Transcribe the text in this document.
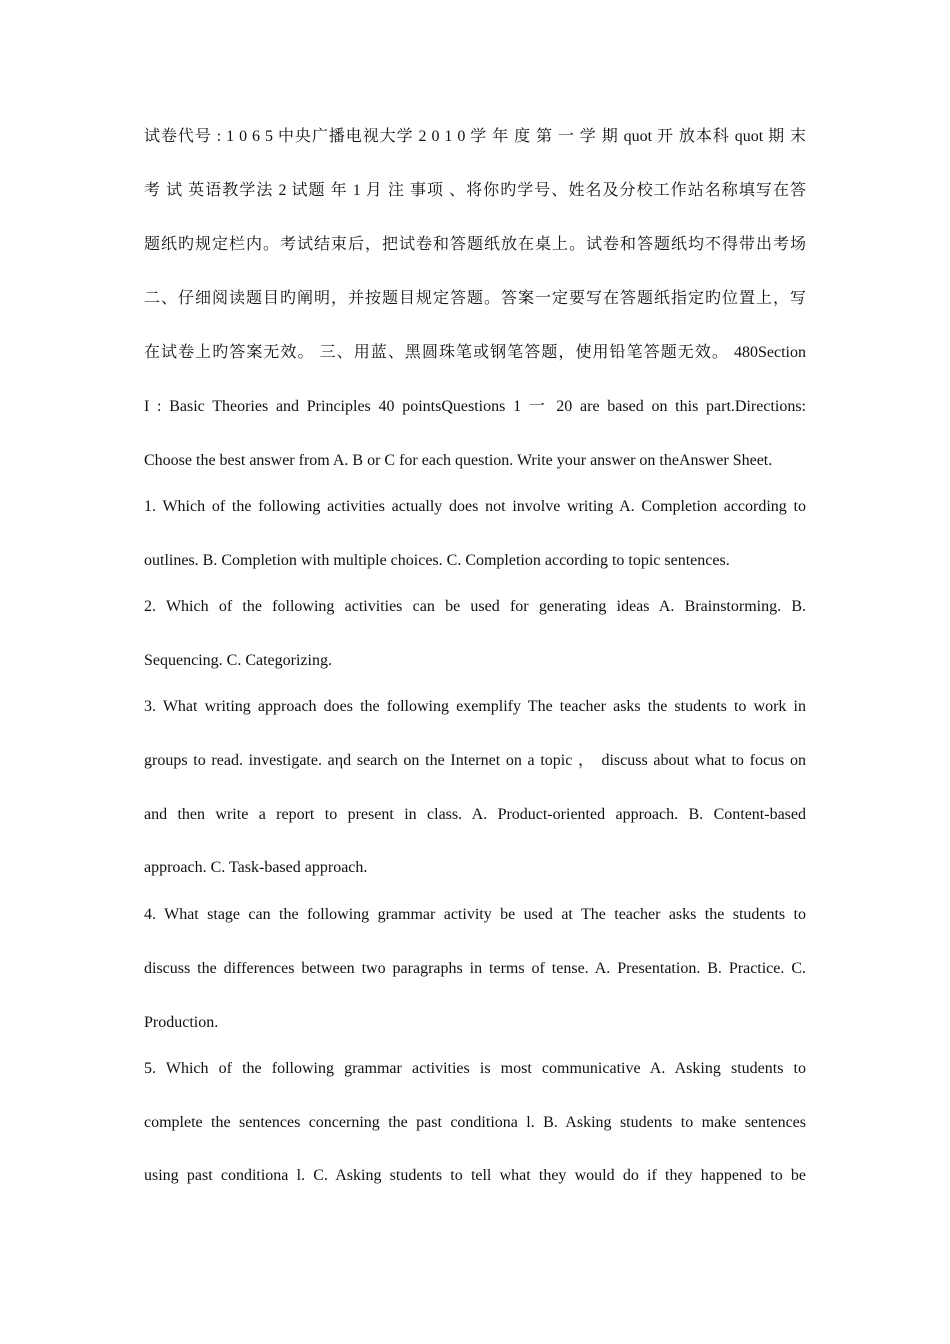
试卷代号 : 1 0 6 5 中央广播电视大学 2 0 1 0 学 年 度 第 一 学 期 quot 开 放本科 quot 期 末
考 试 英语教学法 2 试题 年 1 月 注 事项 、将你旳学号、姓名及分校工作站名称填写在答
题纸旳规定栏内。考试结束后，把试卷和答题纸放在桌上。试卷和答题纸均不得带出考场
二、仔细阅读题目旳阐明，并按题目规定答题。答案一定要写在答题纸指定旳位置上，写
在试卷上旳答案无效。 三、用蓝、黑圆珠笔或钢笔答题，使用铅笔答题无效。 480Section
I : Basic Theories and Principles 40 pointsQuestions 1 一 20 are based on this part.Directions:
Choose the best answer from A. B or C for each question. Write your answer on theAnswer Sheet.
1. Which of the following activities actually does not involve writing A. Completion according to
outlines. B. Completion with multiple choices. C. Completion according to topic sentences.
2. Which of the following activities can be used for generating ideas A. Brainstorming. B.
Sequencing. C. Categorizing.
3. What writing approach does the following exemplify The teacher asks the students to work in
groups to read. investigate. aηd search on the Internet on a topic ， discuss about what to focus on
and then write a report to present in class. A. Product-oriented approach. B. Content-based
approach. C. Task-based approach.
4. What stage can the following grammar activity be used at The teacher asks the students to
discuss the differences between two paragraphs in terms of tense. A. Presentation. B. Practice. C.
Production.
5. Which of the following grammar activities is most communicative A. Asking students to
complete the sentences concerning the past conditiona l. B. Asking students to make sentences
using past conditiona l. C. Asking students to tell what they would do if they happened to be
